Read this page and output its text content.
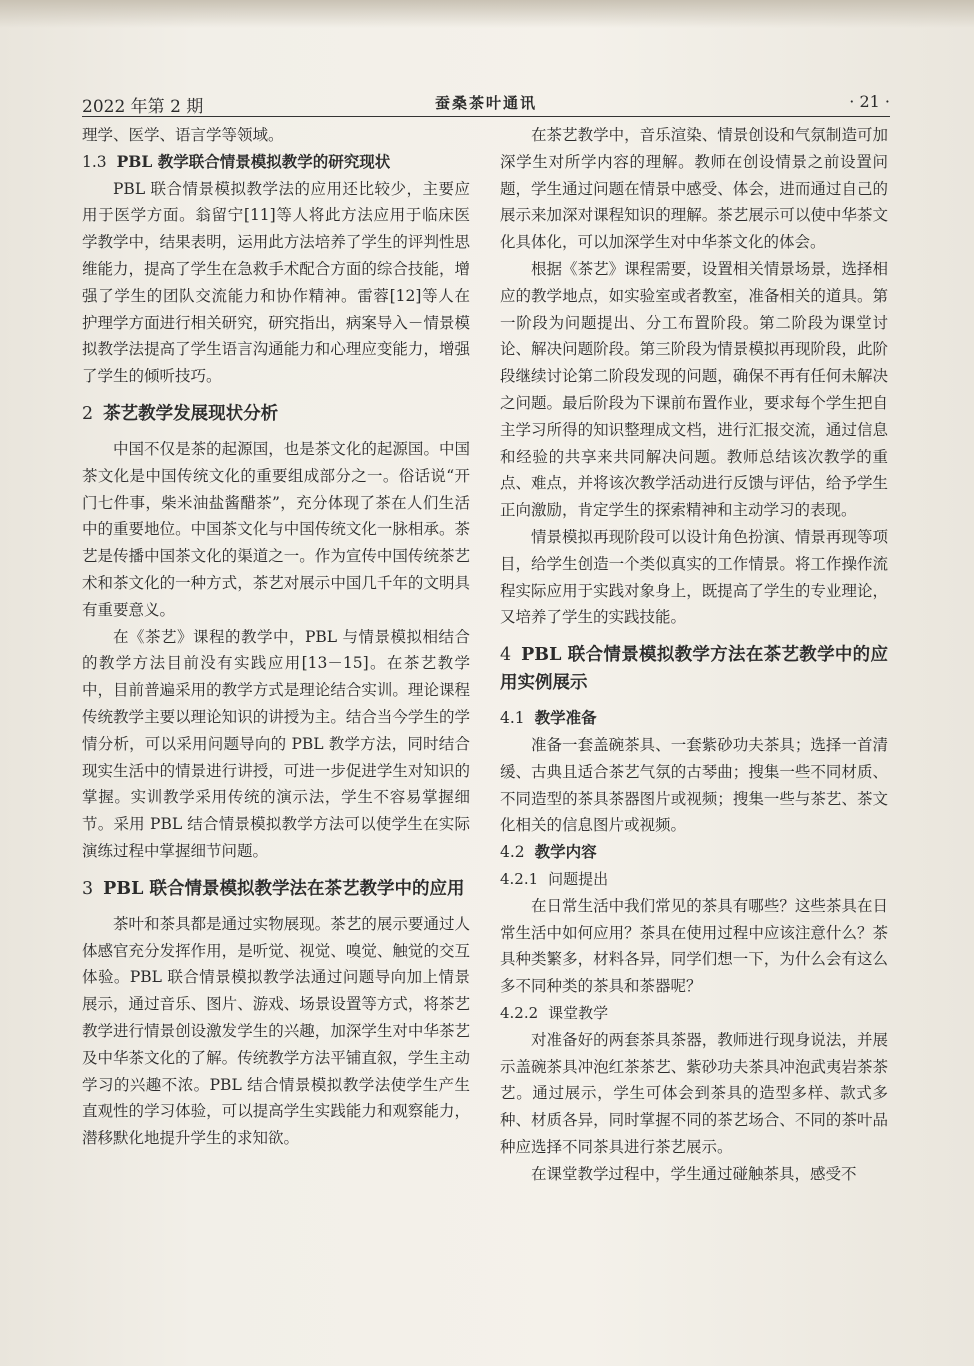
2022 年第 2 期	蚕桑茶叶通讯	· 21 ·

理学、医学、语言学等领域。

1.3 PBL 教学联合情景模拟教学的研究现状

PBL 联合情景模拟教学法的应用还比较少，主要应用于医学方面。翁留宁[11]等人将此方法应用于临床医学教学中，结果表明，运用此方法培养了学生的评判性思维能力，提高了学生在急救手术配合方面的综合技能，增强了学生的团队交流能力和协作精神。雷蓉[12]等人在护理学方面进行相关研究，研究指出，病案导入－情景模拟教学法提高了学生语言沟通能力和心理应变能力，增强了学生的倾听技巧。

2 茶艺教学发展现状分析

中国不仅是茶的起源国，也是茶文化的起源国。中国茶文化是中国传统文化的重要组成部分之一。俗话说“开门七件事，柴米油盐酱醋茶”，充分体现了茶在人们生活中的重要地位。中国茶文化与中国传统文化一脉相承。茶艺是传播中国茶文化的渠道之一。作为宣传中国传统茶艺术和茶文化的一种方式，茶艺对展示中国几千年的文明具有重要意义。

在《茶艺》课程的教学中，PBL 与情景模拟相结合的教学方法目前没有实践应用[13－15]。在茶艺教学中，目前普遍采用的教学方式是理论结合实训。理论课程传统教学主要以理论知识的讲授为主。结合当今学生的学情分析，可以采用问题导向的 PBL 教学方法，同时结合现实生活中的情景进行讲授，可进一步促进学生对知识的掌握。实训教学采用传统的演示法，学生不容易掌握细节。采用 PBL 结合情景模拟教学方法可以使学生在实际演练过程中掌握细节问题。

3 PBL 联合情景模拟教学法在茶艺教学中的应用

茶叶和茶具都是通过实物展现。茶艺的展示要通过人体感官充分发挥作用，是听觉、视觉、嗅觉、触觉的交互体验。PBL 联合情景模拟教学法通过问题导向加上情景展示，通过音乐、图片、游戏、场景设置等方式，将茶艺教学进行情景创设激发学生的兴趣，加深学生对中华茶艺及中华茶文化的了解。传统教学方法平铺直叙，学生主动学习的兴趣不浓。PBL 结合情景模拟教学法使学生产生直观性的学习体验，可以提高学生实践能力和观察能力，潜移默化地提升学生的求知欲。

在茶艺教学中，音乐渲染、情景创设和气氛制造可加深学生对所学内容的理解。教师在创设情景之前设置问题，学生通过问题在情景中感受、体会，进而通过自己的展示来加深对课程知识的理解。茶艺展示可以使中华茶文化具体化，可以加深学生对中华茶文化的体会。

根据《茶艺》课程需要，设置相关情景场景，选择相应的教学地点，如实验室或者教室，准备相关的道具。第一阶段为问题提出、分工布置阶段。第二阶段为课堂讨论、解决问题阶段。第三阶段为情景模拟再现阶段，此阶段继续讨论第二阶段发现的问题，确保不再有任何未解决之问题。最后阶段为下课前布置作业，要求每个学生把自主学习所得的知识整理成文档，进行汇报交流，通过信息和经验的共享来共同解决问题。教师总结该次教学的重点、难点，并将该次教学活动进行反馈与评估，给予学生正向激励，肯定学生的探索精神和主动学习的表现。

情景模拟再现阶段可以设计角色扮演、情景再现等项目，给学生创造一个类似真实的工作情景。将工作操作流程实际应用于实践对象身上，既提高了学生的专业理论，又培养了学生的实践技能。

4 PBL 联合情景模拟教学方法在茶艺教学中的应用实例展示
4.1 教学准备

准备一套盖碗茶具、一套紫砂功夫茶具；选择一首清缓、古典且适合茶艺气氛的古琴曲；搜集一些不同材质、不同造型的茶具茶器图片或视频；搜集一些与茶艺、茶文化相关的信息图片或视频。

4.2 教学内容
4.2.1 问题提出

在日常生活中我们常见的茶具有哪些？这些茶具在日常生活中如何应用？茶具在使用过程中应该注意什么？茶具种类繁多，材料各异，同学们想一下，为什么会有这么多不同种类的茶具和茶器呢？

4.2.2 课堂教学

对准备好的两套茶具茶器，教师进行现身说法，并展示盖碗茶具冲泡红茶茶艺、紫砂功夫茶具冲泡武夷岩茶茶艺。通过展示，学生可体会到茶具的造型多样、款式多种、材质各异，同时掌握不同的茶艺场合、不同的茶叶品种应选择不同茶具进行茶艺展示。

在课堂教学过程中，学生通过碰触茶具，感受不
